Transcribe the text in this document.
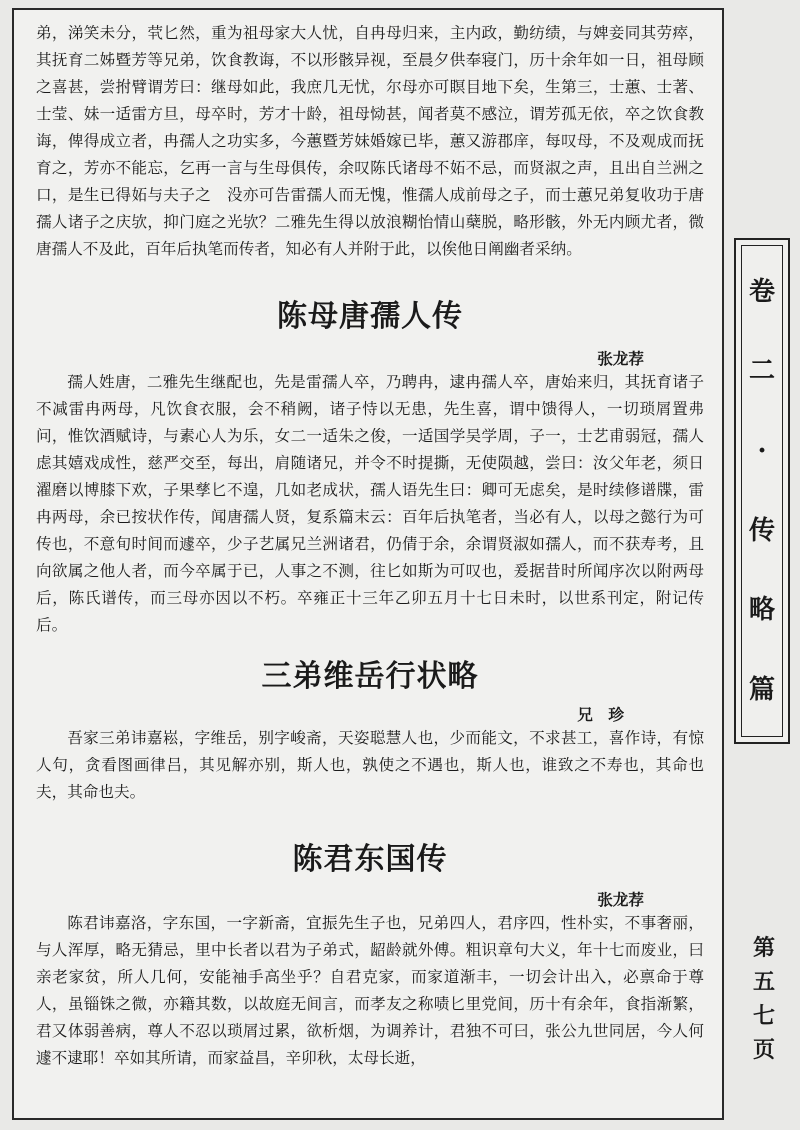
弟，涕笑未分，茕匕然，重为祖母家大人忧，自冉母归来，主内政，勤纺绩，与婢妾同其劳瘁，其抚育二姊暨芳等兄弟，饮食教诲，不以形骸异视，至晨夕供奉寝门，历十余年如一日，祖母顾之喜甚，尝拊臂谓芳曰：继母如此，我庶几无忧，尔母亦可瞑目地下矣，生第三，士蕙、士著、士莹、妹一适雷方旦，母卒时，芳才十龄，祖母恸甚，闻者莫不感泣，谓芳孤无依，卒之饮食教诲，俾得成立者，冉孺人之功实多，今蕙暨芳妹婚嫁已毕，蕙又游郡庠，每叹母，不及观成而抚育之，芳亦不能忘，乞再一言与生母俱传，余叹陈氏诸母不妬不忌，而贤淑之声，且出自兰洲之口，是生已得妬与夫子之　没亦可告雷孺人而无愧，惟孺人成前母之子，而士蕙兄弟复收功于唐孺人诸子之庆欤，抑门庭之光欤？二雅先生得以放浪糊怡情山蘖脱，略形骸，外无内顾尤者，微唐孺人不及此，百年后执笔而传者，知必有人并附于此，以俟他日阐幽者采纳。

陈母唐孺人传

张龙荐

孺人姓唐，二雅先生继配也，先是雷孺人卒，乃聘冉，逮冉孺人卒，唐始来归，其抚育诸子不减雷冉两母，凡饮食衣服，会不稍阙，诸子恃以无患，先生喜，谓中馈得人，一切琐屑置弗问，惟饮酒赋诗，与素心人为乐，女二一适朱之俊，一适国学吴学周，子一，士艺甫弱冠，孺人虑其嬉戏成性，慈严交至，每出，肩随诸兄，并令不时提撕，无使陨越，尝曰：汝父年老，须日濯磨以博膝下欢，子果孳匕不遑，几如老成状，孺人语先生曰：卿可无虑矣，是时续修谱牒，雷冉两母，余已按状作传，闻唐孺人贤，复系篇末云：百年后执笔者，当必有人，以母之懿行为可传也，不意旬时间而遽卒，少子艺属兄兰洲诸君，仍倩于余，余谓贤淑如孺人，而不获寿考，且向欲属之他人者，而今卒属于已，人事之不测，往匕如斯为可叹也，爰据昔时所闻序次以附两母后，陈氏谱传，而三母亦因以不朽。卒雍正十三年乙卯五月十七日未时，以世系刊定，附记传后。

三弟维岳行状略

兄　珍

吾家三弟讳嘉崧，字维岳，别字峻斋，天姿聪慧人也，少而能文，不求甚工，喜作诗，有惊人句，贪看图画律吕，其见解亦别，斯人也，孰使之不遇也，斯人也，谁致之不寿也，其命也夫，其命也夫。

陈君东国传

张龙荐

陈君讳嘉洛，字东国，一字新斋，宜振先生子也，兄弟四人，君序四，性朴实，不事奢丽，与人浑厚，略无猜忌，里中长者以君为子弟式，龆龄就外傅。粗识章句大义，年十七而废业，曰亲老家贫，所人几何，安能袖手高坐乎？自君克家，而家道渐丰，一切会计出入，必禀命于尊人，虽锱铢之微，亦籍其数，以故庭无间言，而孝友之称啧匕里党间，历十有余年，食指渐繁，君又体弱善病，尊人不忍以琐屑过累，欲析烟，为调养计，君独不可曰，张公九世同居，今人何遽不逮耶！卒如其所请，而家益昌，辛卯秋，太母长逝，

卷
二
·
传
略
篇
第
五
七
页
